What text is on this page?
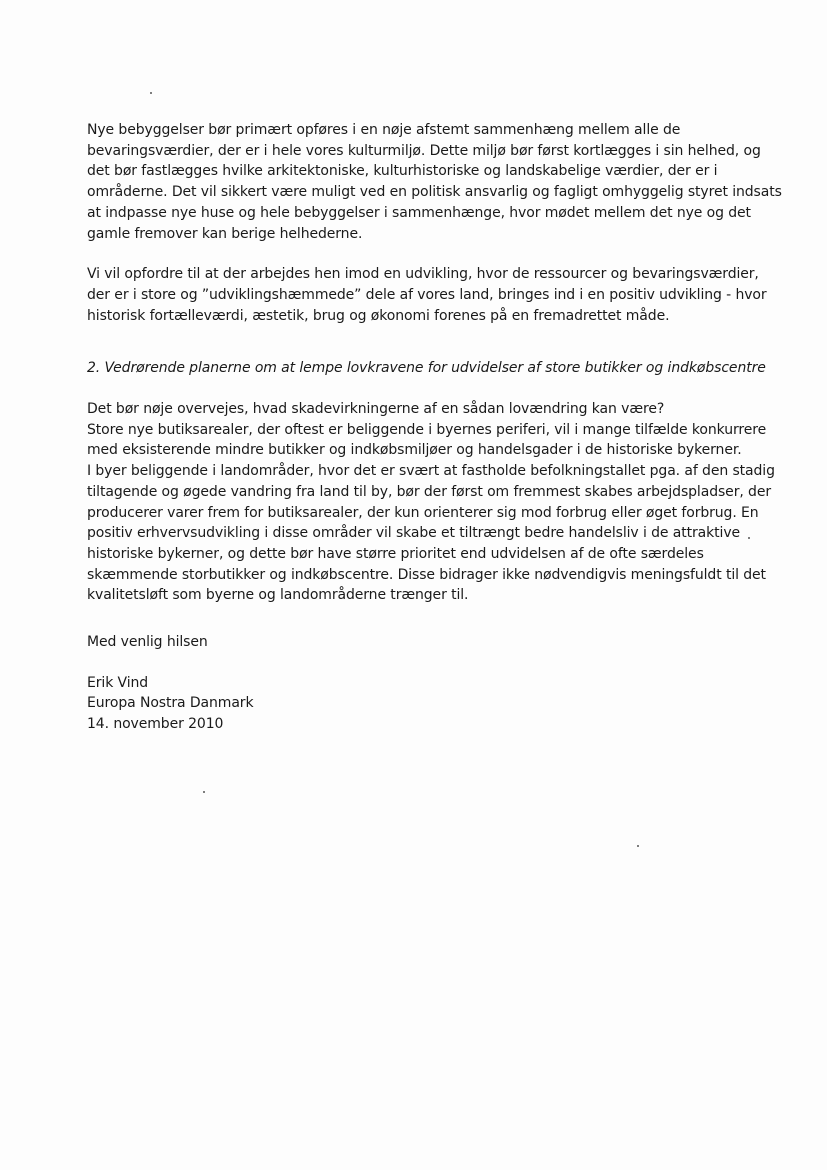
Nye bebyggelser bør primært opføres i en nøje afstemt sammenhæng mellem alle de
bevaringsværdier, der er i hele vores kulturmiljø. Dette miljø bør først kortlægges i sin helhed, og
det bør fastlægges hvilke arkitektoniske, kulturhistoriske og landskabelige værdier, der er i
områderne. Det vil sikkert være muligt ved en politisk ansvarlig og fagligt omhyggelig styret indsats
at indpasse nye huse og hele bebyggelser i sammenhænge, hvor mødet mellem det nye og det
gamle fremover kan berige helhederne.

Vi vil opfordre til at der arbejdes hen imod en udvikling, hvor de ressourcer og bevaringsværdier,
der er i store og ”udviklingshæmmede” dele af vores land, bringes ind i en positiv udvikling - hvor
historisk fortælleværdi, æstetik, brug og økonomi forenes på en fremadrettet måde.

2. Vedrørende planerne om at lempe lovkravene for udvidelser af store butikker og indkøbscentre

Det bør nøje overvejes, hvad skadevirkningerne af en sådan lovændring kan være?
Store nye butiksarealer, der oftest er beliggende i byernes periferi, vil i mange tilfælde konkurrere
med eksisterende mindre butikker og indkøbsmiljøer og handelsgader i de historiske bykerner.
I byer beliggende i landområder, hvor det er svært at fastholde befolkningstallet pga. af den stadig
tiltagende og øgede vandring fra land til by, bør der først om fremmest skabes arbejdspladser, der
producerer varer frem for butiksarealer, der kun orienterer sig mod forbrug eller øget forbrug. En
positiv erhvervsudvikling i disse områder vil skabe et tiltrængt bedre handelsliv i de attraktive
historiske bykerner, og dette bør have større prioritet end udvidelsen af de ofte særdeles
skæmmende storbutikker og indkøbscentre. Disse bidrager ikke nødvendigvis meningsfuldt til det
kvalitetsløft som byerne og landområderne trænger til.

Med venlig hilsen

Erik Vind
Europa Nostra Danmark
14. november 2010
